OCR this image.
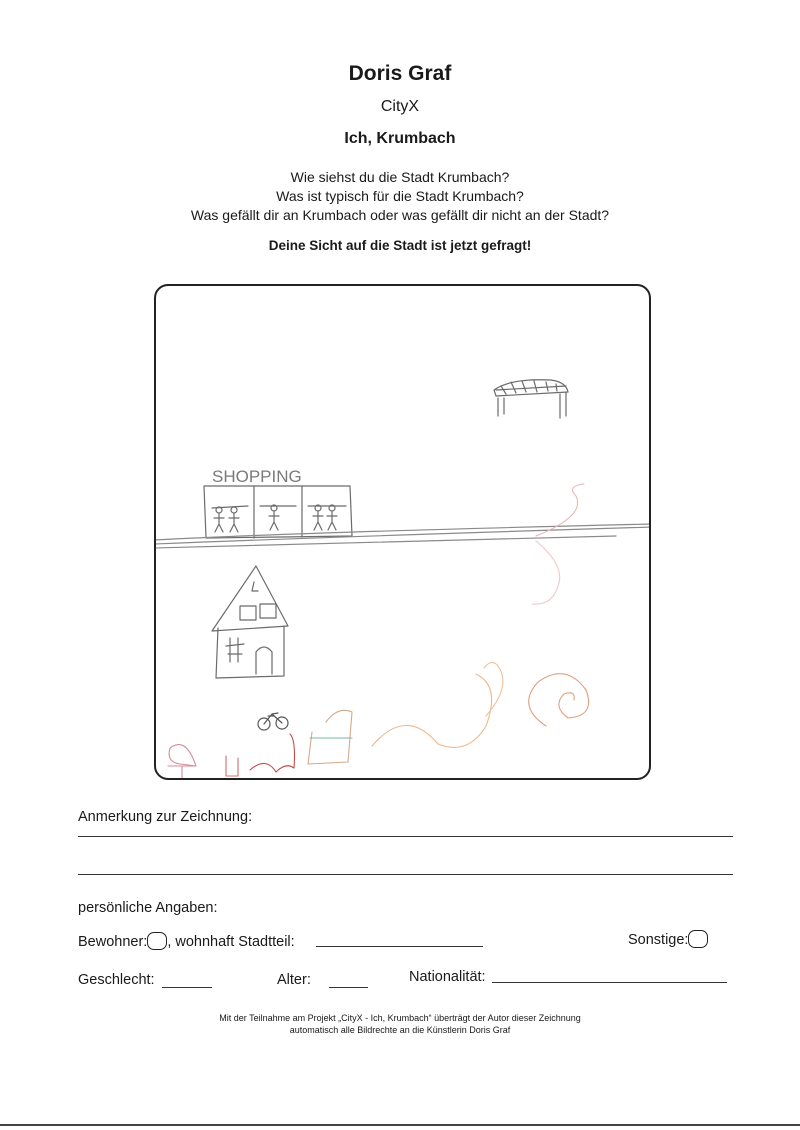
Doris Graf
CityX
Ich, Krumbach
Wie siehst du die Stadt Krumbach?
Was ist typisch für die Stadt Krumbach?
Was gefällt dir an Krumbach oder was gefällt dir nicht an der Stadt?
Deine Sicht auf die Stadt ist jetzt gefragt!
SHOPPING
Anmerkung zur Zeichnung:
persönliche Angaben:
Bewohner: , wohnhaft Stadtteil:	Sonstige:
Geschlecht:	Alter:	Nationalität:
Mit der Teilnahme am Projekt „CityX - Ich, Krumbach“ überträgt der Autor dieser Zeichnung
automatisch alle Bildrechte an die Künstlerin Doris Graf
